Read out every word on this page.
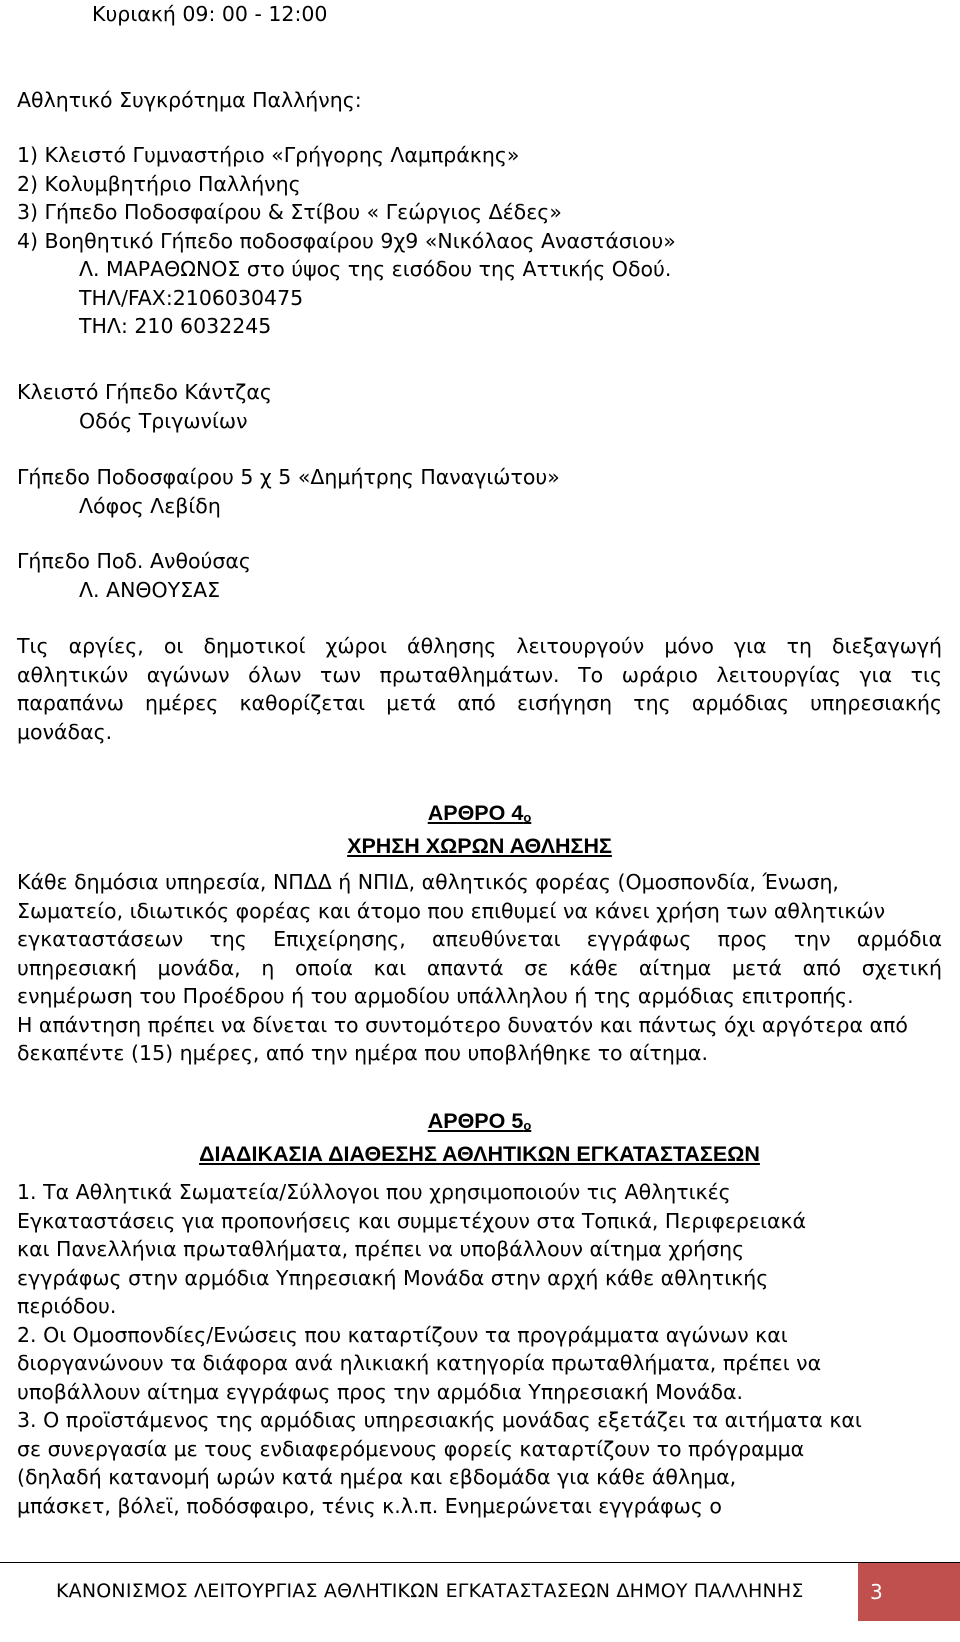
Κυριακή 09: 00 - 12:00
Αθλητικό Συγκρότημα Παλλήνης:
1) Κλειστό Γυμναστήριο «Γρήγορης Λαμπράκης»
2) Κολυμβητήριο Παλλήνης
3) Γήπεδο Ποδοσφαίρου & Στίβου « Γεώργιος Δέδες»
4) Βοηθητικό Γήπεδο ποδοσφαίρου 9χ9 «Νικόλαος Αναστάσιου»
Λ. ΜΑΡΑΘΩΝΟΣ στο ύψος της εισόδου της Αττικής Οδού.
ΤΗΛ/FAX:2106030475
ΤΗΛ: 210 6032245
Κλειστό Γήπεδο Κάντζας
Οδός Τριγωνίων
Γήπεδο Ποδοσφαίρου 5 χ 5 «Δημήτρης Παναγιώτου»
Λόφος Λεβίδη
Γήπεδο Ποδ. Ανθούσας
Λ. ΑΝΘΟΥΣΑΣ
Τις αργίες, οι δημοτικοί χώροι άθλησης λειτουργούν μόνο για τη διεξαγωγή
αθλητικών αγώνων όλων των πρωταθλημάτων. Το ωράριο λειτουργίας για τις
παραπάνω ημέρες καθορίζεται μετά από εισήγηση της αρμόδιας υπηρεσιακής
μονάδας.
ΑΡΘΡΟ $4_o$
ΧΡΗΣΗ ΧΩΡΩΝ ΑΘΛΗΣΗΣ
Κάθε δημόσια υπηρεσία, ΝΠΔΔ ή ΝΠΙΔ, αθλητικός φορέας (Ομοσπονδία, Ένωση,
Σωματείο, ιδιωτικός φορέας και άτομο που επιθυμεί να κάνει χρήση των αθλητικών
εγκαταστάσεων της Επιχείρησης, απευθύνεται εγγράφως προς την αρμόδια
υπηρεσιακή μονάδα, η οποία και απαντά σε κάθε αίτημα μετά από σχετική
ενημέρωση του Προέδρου ή του αρμοδίου υπάλληλου ή της αρμόδιας επιτροπής.
Η απάντηση πρέπει να δίνεται το συντομότερο δυνατόν και πάντως όχι αργότερα από
δεκαπέντε (15) ημέρες, από την ημέρα που υποβλήθηκε το αίτημα.
ΑΡΘΡΟ $5_o$
ΔΙΑΔΙΚΑΣΙΑ ΔΙΑΘΕΣΗΣ ΑΘΛΗΤΙΚΩΝ ΕΓΚΑΤΑΣΤΑΣΕΩΝ
1. Τα Αθλητικά Σωματεία/Σύλλογοι που χρησιμοποιούν τις Αθλητικές
Εγκαταστάσεις για προπονήσεις και συμμετέχουν στα Τοπικά, Περιφερειακά
και Πανελλήνια πρωταθλήματα, πρέπει να υποβάλλουν αίτημα χρήσης
εγγράφως στην αρμόδια Υπηρεσιακή Μονάδα στην αρχή κάθε αθλητικής
περιόδου.
2. Οι Ομοσπονδίες/Ενώσεις που καταρτίζουν τα προγράμματα αγώνων και
διοργανώνουν τα διάφορα ανά ηλικιακή κατηγορία πρωταθλήματα, πρέπει να
υποβάλλουν αίτημα εγγράφως προς την αρμόδια Υπηρεσιακή Μονάδα.
3. Ο προϊστάμενος της αρμόδιας υπηρεσιακής μονάδας εξετάζει τα αιτήματα και
σε συνεργασία με τους ενδιαφερόμενους φορείς καταρτίζουν το πρόγραμμα
(δηλαδή κατανομή ωρών κατά ημέρα και εβδομάδα για κάθε άθλημα,
μπάσκετ, βόλεϊ, ποδόσφαιρο, τένις κ.λ.π. Ενημερώνεται εγγράφως ο
ΚΑΝΟΝΙΣΜΟΣ ΛΕΙΤΟΥΡΓΙΑΣ ΑΘΛΗΤΙΚΩΝ ΕΓΚΑΤΑΣΤΑΣΕΩΝ ΔΗΜΟΥ ΠΑΛΛΗΝΗΣ	3
